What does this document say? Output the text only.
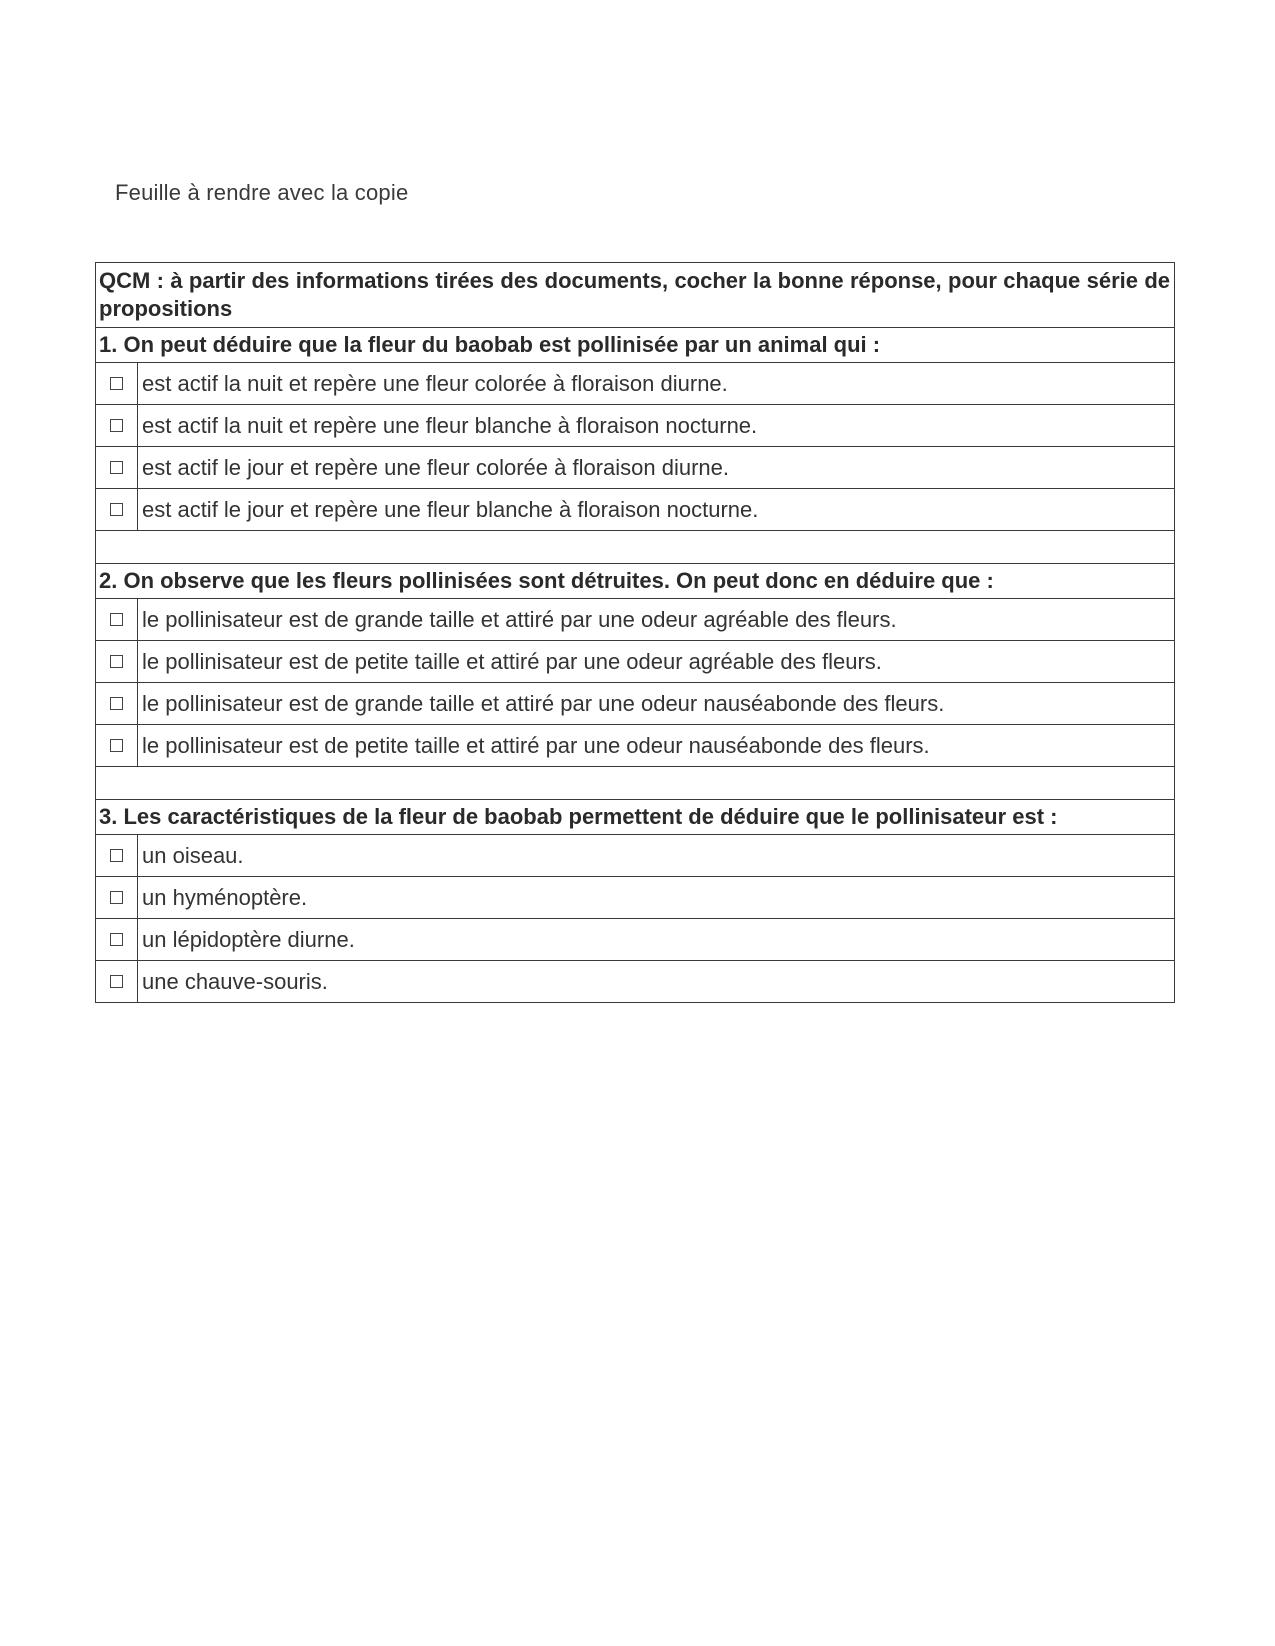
Feuille à rendre avec la copie
QCM : à partir des informations tirées des documents, cocher la bonne réponse, pour chaque série de propositions	
1. On peut déduire que la fleur du baobab est pollinisée par un animal qui :	
	est actif la nuit et repère une fleur colorée à floraison diurne.
	est actif la nuit et repère une fleur blanche à floraison nocturne.
	est actif le jour et repère une fleur colorée à floraison diurne.
	est actif le jour et repère une fleur blanche à floraison nocturne.

2. On observe que les fleurs pollinisées sont détruites. On peut donc en déduire que :	
	le pollinisateur est de grande taille et attiré par une odeur agréable des fleurs.
	le pollinisateur est de petite taille et attiré par une odeur agréable des fleurs.
	le pollinisateur est de grande taille et attiré par une odeur nauséabonde des fleurs.
	le pollinisateur est de petite taille et attiré par une odeur nauséabonde des fleurs.

3. Les caractéristiques de la fleur de baobab permettent de déduire que le pollinisateur est :	
	un oiseau.
	un hyménoptère.
	un lépidoptère diurne.
	une chauve-souris.
